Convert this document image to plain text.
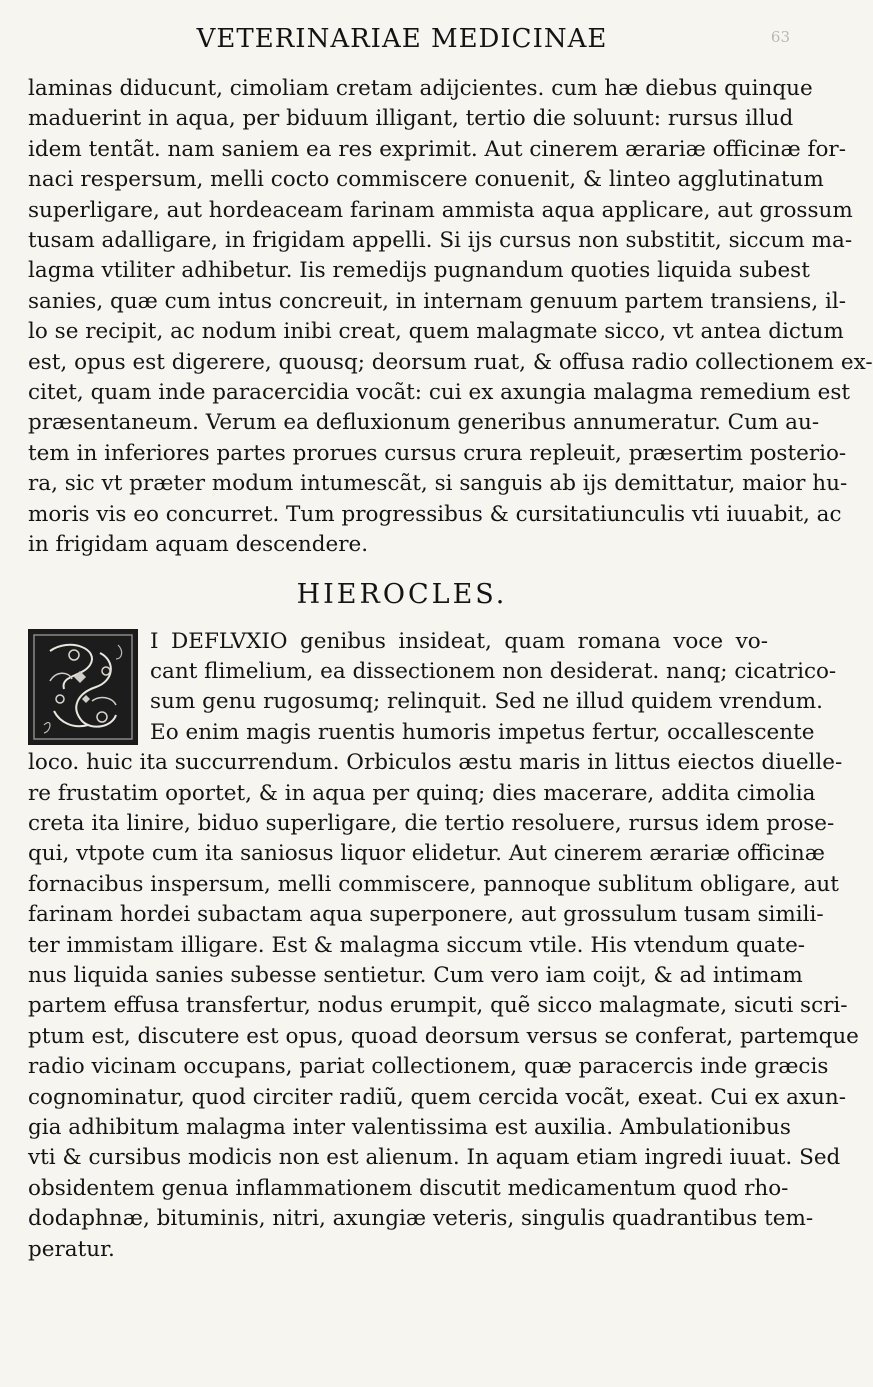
VETERINARIAE MEDICINAE	63
laminas diducunt, cimoliam cretam adijcientes. cum hæ diebus quinque
maduerint in aqua, per biduum illigant, tertio die soluunt: rursus illud
idem tentãt. nam saniem ea res exprimit. Aut cinerem ærariæ officinæ for-
naci respersum, melli cocto commiscere conuenit, & linteo agglutinatum
superligare, aut hordeaceam farinam ammista aqua applicare, aut grossum
tusam adalligare, in frigidam appelli. Si ijs cursus non substitit, siccum ma-
lagma vtiliter adhibetur. Iis remedijs pugnandum quoties liquida subest
sanies, quæ cum intus concreuit, in internam genuum partem transiens, il-
lo se recipit, ac nodum inibi creat, quem malagmate sicco, vt antea dictum
est, opus est digerere, quousq; deorsum ruat, & offusa radio collectionem ex-
citet, quam inde paracercidia vocãt: cui ex axungia malagma remedium est
præsentaneum. Verum ea defluxionum generibus annumeratur. Cum au-
tem in inferiores partes prorues cursus crura repleuit, præsertim posterio-
ra, sic vt præter modum intumescãt, si sanguis ab ijs demittatur, maior hu-
moris vis eo concurret. Tum progressibus & cursitatiunculis vti iuuabit, ac
in frigidam aquam descendere.
HIEROCLES.
I DEFLVXIO genibus insideat, quam romana voce vo-
cant flimelium, ea dissectionem non desiderat. nanq; cicatrico-
sum genu rugosumq; relinquit. Sed ne illud quidem vrendum.
Eo enim magis ruentis humoris impetus fertur, occallescente
loco. huic ita succurrendum. Orbiculos æstu maris in littus eiectos diuelle-
re frustatim oportet, & in aqua per quinq; dies macerare, addita cimolia
creta ita linire, biduo superligare, die tertio resoluere, rursus idem prose-
qui, vtpote cum ita saniosus liquor elidetur. Aut cinerem ærariæ officinæ
fornacibus inspersum, melli commiscere, pannoque sublitum obligare, aut
farinam hordei subactam aqua superponere, aut grossulum tusam simili-
ter immistam illigare. Est & malagma siccum vtile. His vtendum quate-
nus liquida sanies subesse sentietur. Cum vero iam coijt, & ad intimam
partem effusa transfertur, nodus erumpit, quẽ sicco malagmate, sicuti scri-
ptum est, discutere est opus, quoad deorsum versus se conferat, partemque
radio vicinam occupans, pariat collectionem, quæ paracercis inde græcis
cognominatur, quod circiter radiũ, quem cercida vocãt, exeat. Cui ex axun-
gia adhibitum malagma inter valentissima est auxilia. Ambulationibus
vti & cursibus modicis non est alienum. In aquam etiam ingredi iuuat. Sed
obsidentem genua inflammationem discutit medicamentum quod rho-
dodaphnæ, bituminis, nitri, axungiæ veteris, singulis quadrantibus tem-
peratur.
